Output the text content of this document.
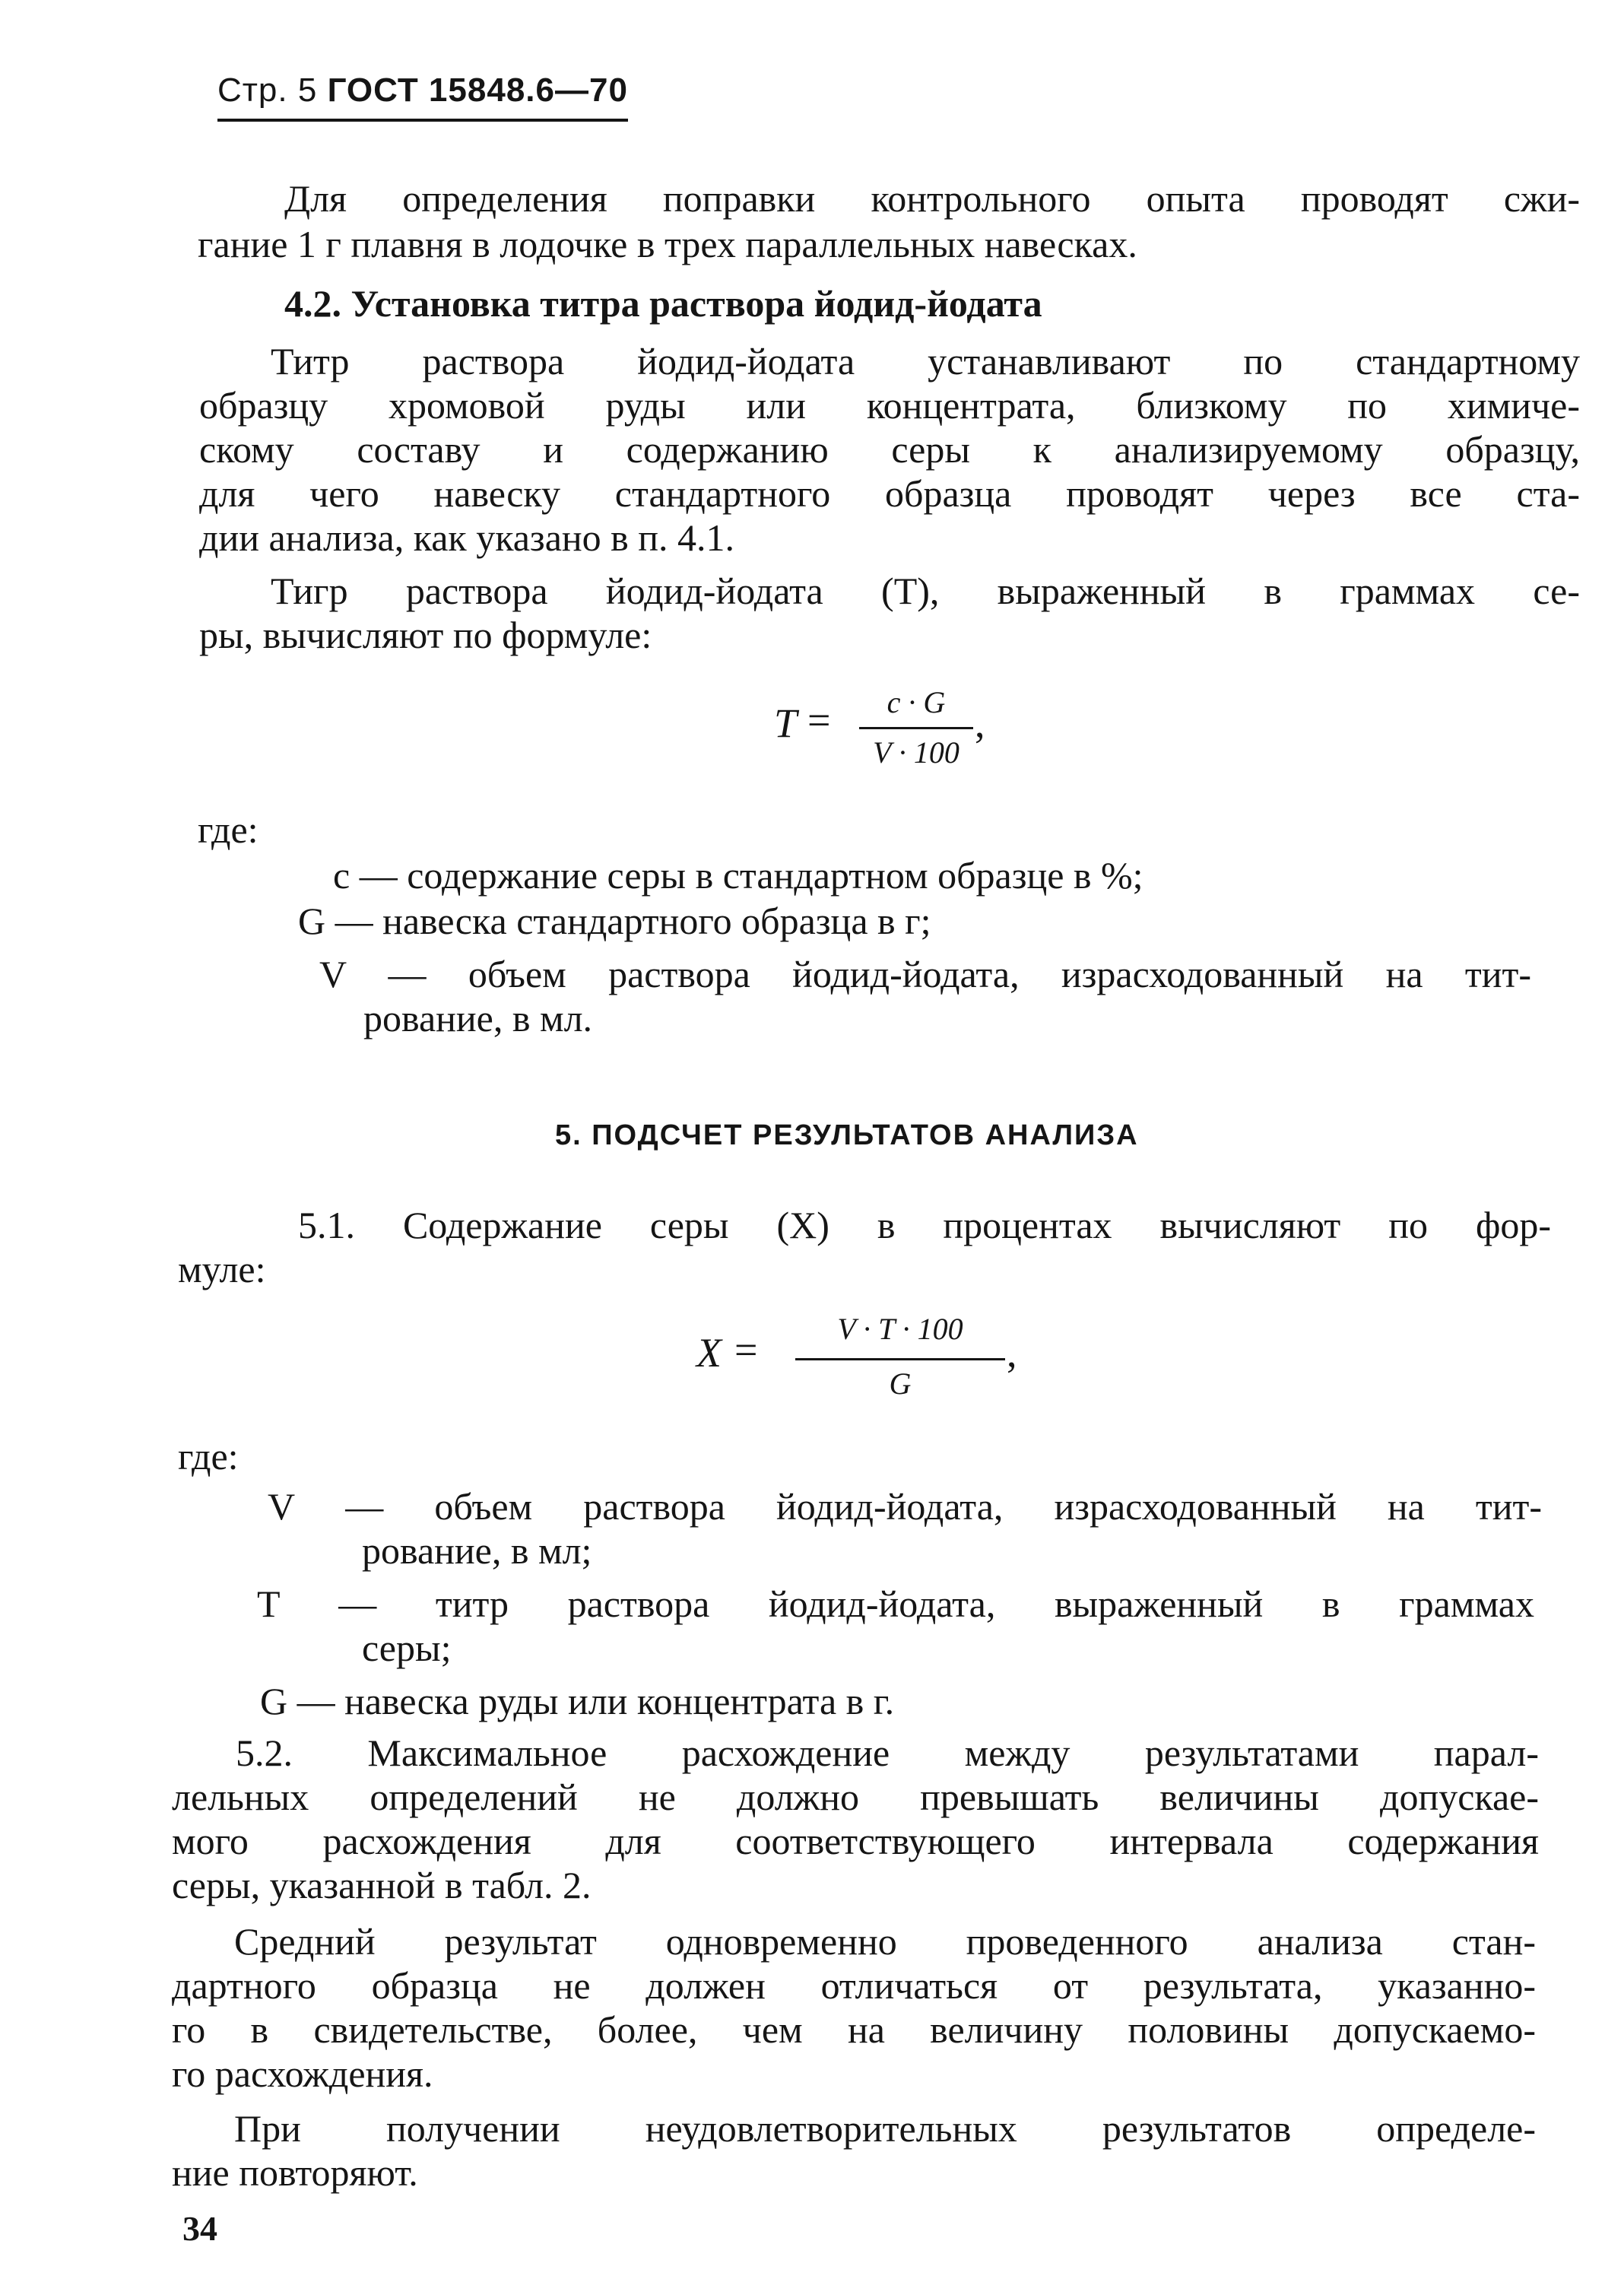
Стр. 5 ГОСТ 15848.6—70
Для определения поправки контрольного опыта проводят сжи-
гание 1 г плавня в лодочке в трех параллельных навесках.
4.2. Установка титра раствора йодид-йодата
Титр раствора йодид-йодата устанавливают по стандартному
образцу хромовой руды или концентрата, близкому по химиче-
скому составу и содержанию серы к анализируемому образцу,
для чего навеску стандартного образца проводят через все ста-
дии анализа, как указано в п. 4.1.
Тигр раствора йодид-йодата (T), выраженный в граммах се-
ры, вычисляют по формуле:
T =	c · G
V · 100
,
где:
c — содержание серы в стандартном образце в %;
G — навеска стандартного образца в г;
V — объем раствора йодид-йодата, израсходованный на тит-
рование, в мл.
5. ПОДСЧЕТ РЕЗУЛЬТАТОВ АНАЛИЗА
5.1. Содержание серы (X) в процентах вычисляют по фор-
муле:
X =	V · T · 100
G
,
где:
V — объем раствора йодид-йодата, израсходованный на тит-
рование, в мл;
T — титр раствора йодид-йодата, выраженный в граммах
серы;
G — навеска руды или концентрата в г.
5.2. Максимальное расхождение между результатами парал-
лельных определений не должно превышать величины допускае-
мого расхождения для соответствующего интервала содержания
серы, указанной в табл. 2.
Средний результат одновременно проведенного анализа стан-
дартного образца не должен отличаться от результата, указанно-
го в свидетельстве, более, чем на величину половины допускаемо-
го расхождения.
При получении неудовлетворительных результатов определе-
ние повторяют.
34
